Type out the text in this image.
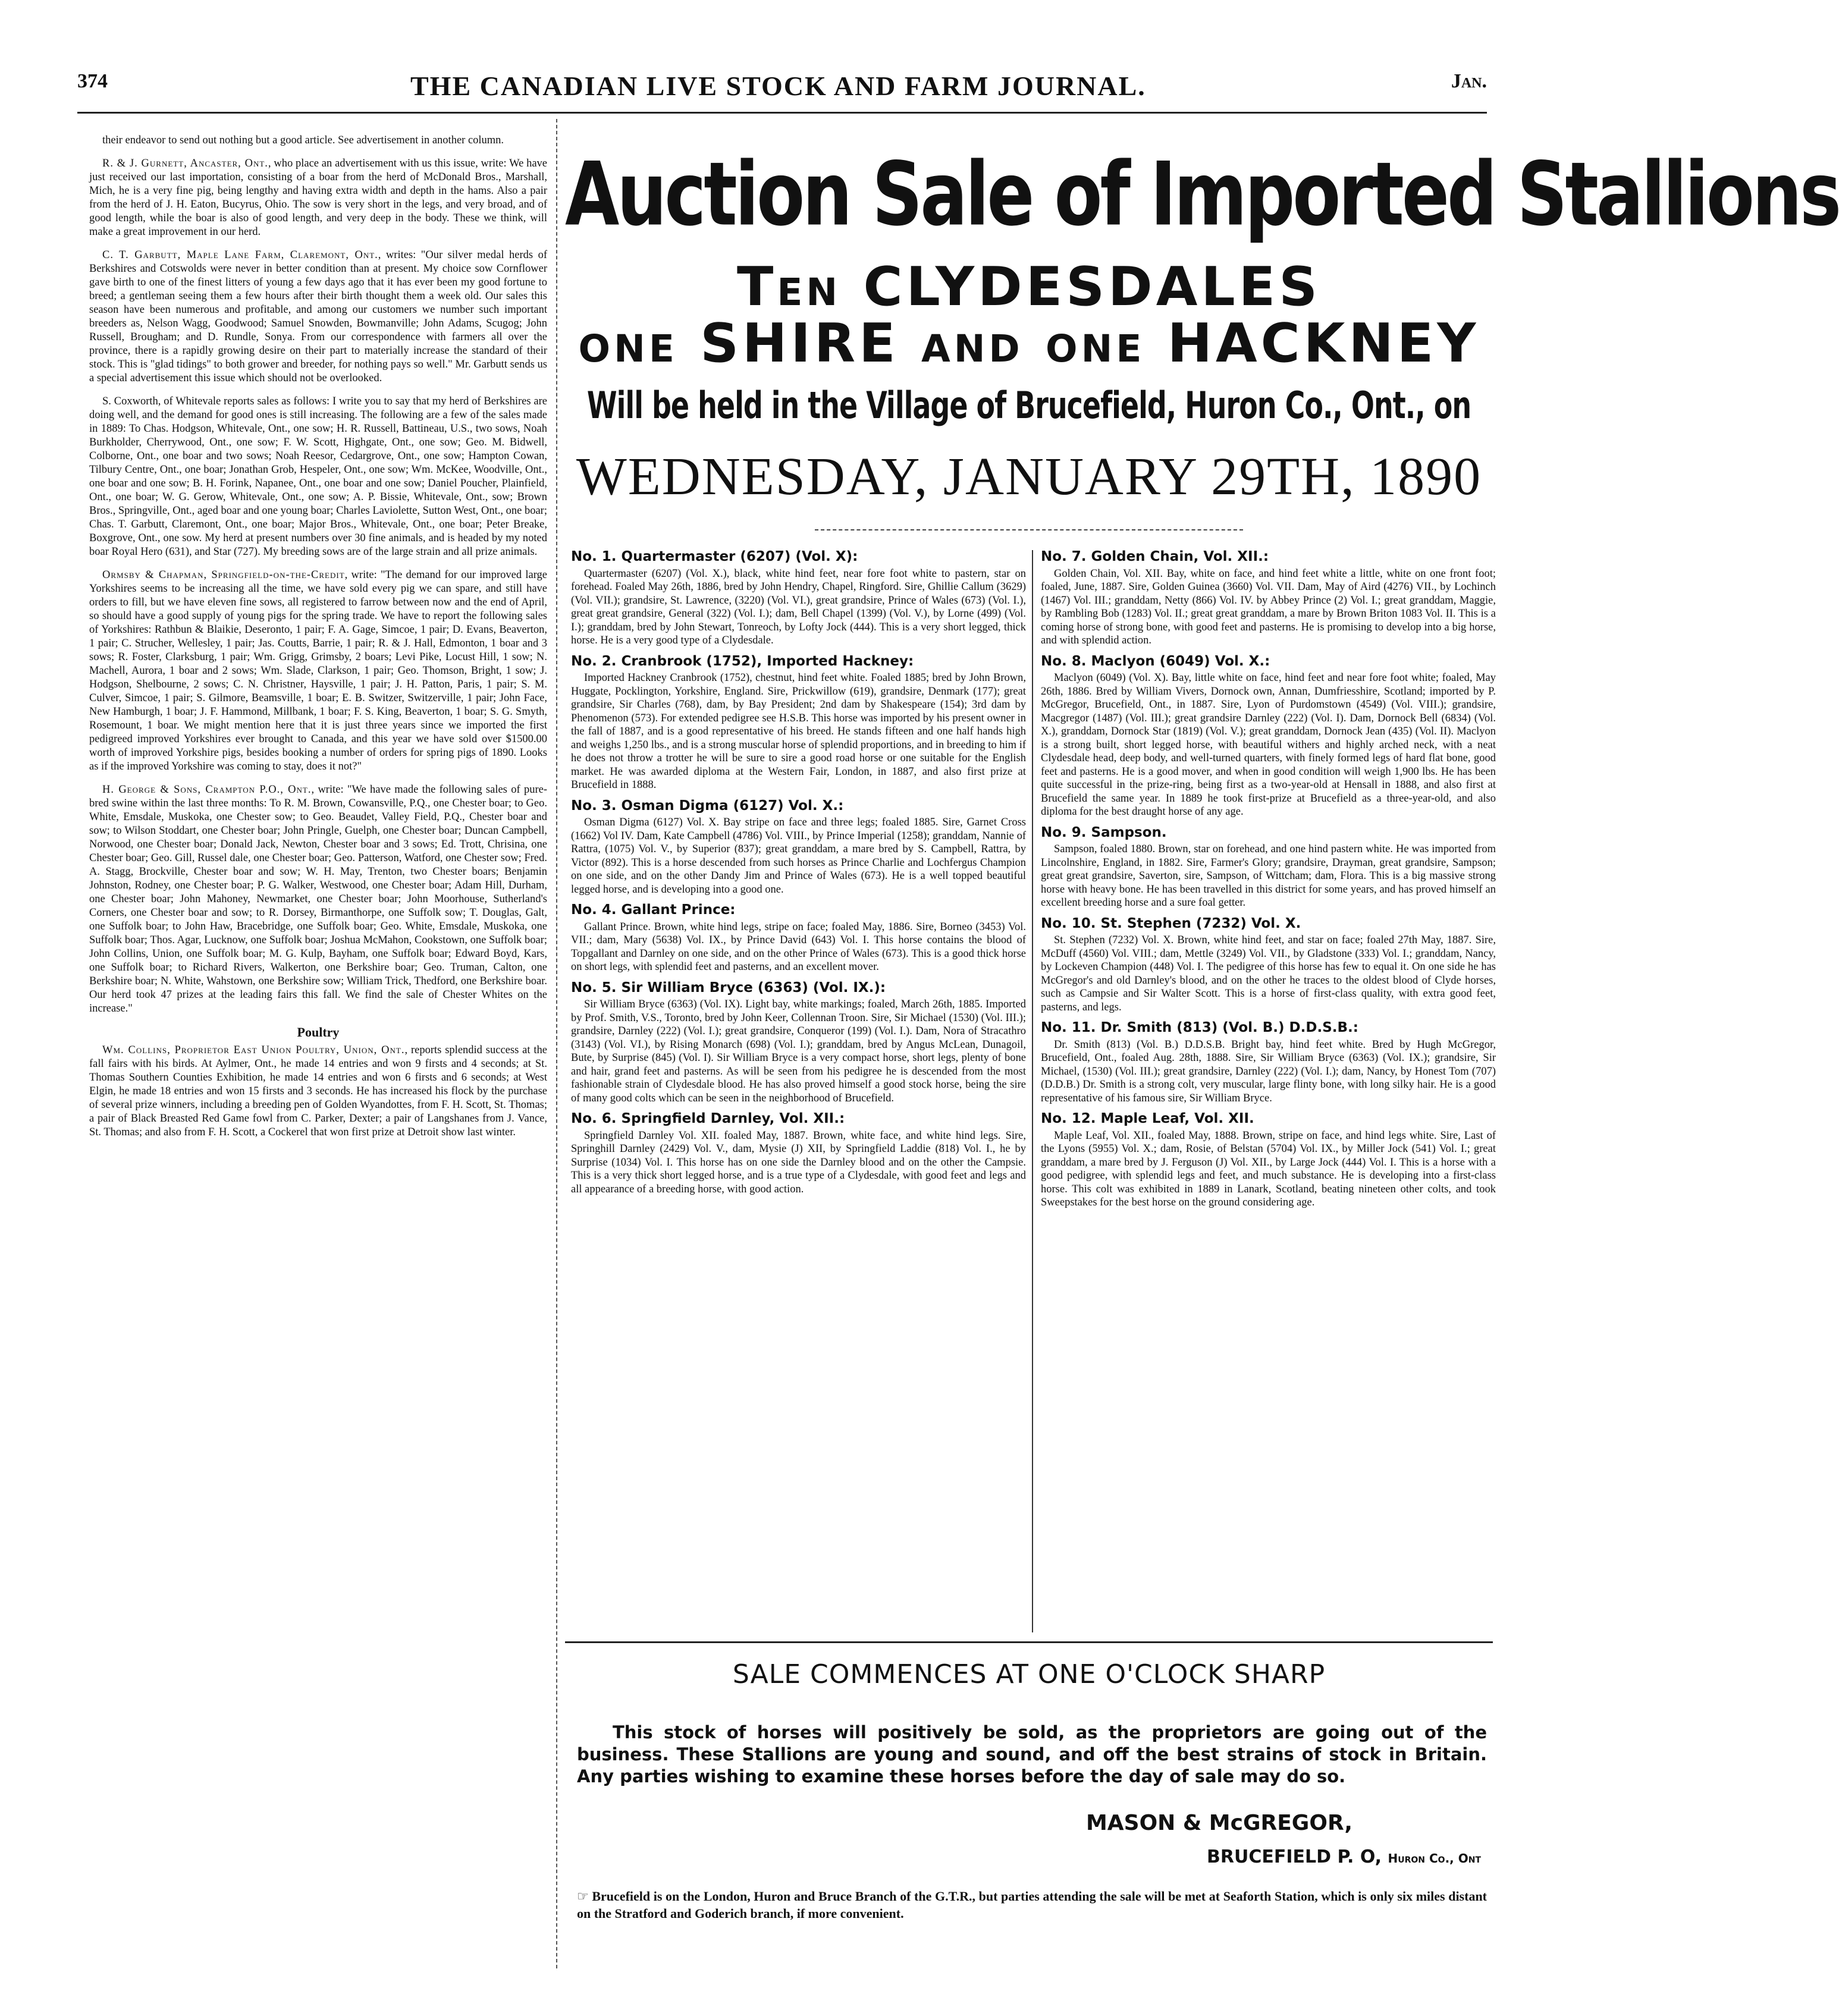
374	THE CANADIAN LIVE STOCK AND FARM JOURNAL.	Jan.

their endeavor to send out nothing but a good article. See advertisement in another column.

R. & J. Gurnett, Ancaster, Ont., who place an advertisement with us this issue, write: We have just received our last importation, consisting of a boar from the herd of McDonald Bros., Marshall, Mich, he is a very fine pig, being lengthy and having extra width and depth in the hams. Also a pair from the herd of J. H. Eaton, Bucyrus, Ohio. The sow is very short in the legs, and very broad, and of good length, while the boar is also of good length, and very deep in the body. These we think, will make a great improvement in our herd.

C. T. Garbutt, Maple Lane Farm, Claremont, Ont., writes: "Our silver medal herds of Berkshires and Cotswolds were never in better condition than at present. My choice sow Cornflower gave birth to one of the finest litters of young a few days ago that it has ever been my good fortune to breed; a gentleman seeing them a few hours after their birth thought them a week old. Our sales this season have been numerous and profitable, and among our customers we number such important breeders as, Nelson Wagg, Goodwood; Samuel Snowden, Bowmanville; John Adams, Scugog; John Russell, Brougham; and D. Rundle, Sonya. From our correspondence with farmers all over the province, there is a rapidly growing desire on their part to materially increase the standard of their stock. This is "glad tidings" to both grower and breeder, for nothing pays so well." Mr. Garbutt sends us a special advertisement this issue which should not be overlooked.

S. Coxworth, of Whitevale reports sales as follows: I write you to say that my herd of Berkshires are doing well, and the demand for good ones is still increasing. The following are a few of the sales made in 1889: To Chas. Hodgson, Whitevale, Ont., one sow; H. R. Russell, Battineau, U.S., two sows, Noah Burkholder, Cherrywood, Ont., one sow; F. W. Scott, Highgate, Ont., one sow; Geo. M. Bidwell, Colborne, Ont., one boar and two sows; Noah Reesor, Cedargrove, Ont., one sow; Hampton Cowan, Tilbury Centre, Ont., one boar; Jonathan Grob, Hespeler, Ont., one sow; Wm. McKee, Woodville, Ont., one boar and one sow; B. H. Forink, Napanee, Ont., one boar and one sow; Daniel Poucher, Plainfield, Ont., one boar; W. G. Gerow, Whitevale, Ont., one sow; A. P. Bissie, Whitevale, Ont., sow; Brown Bros., Springville, Ont., aged boar and one young boar; Charles Laviolette, Sutton West, Ont., one boar; Chas. T. Garbutt, Claremont, Ont., one boar; Major Bros., Whitevale, Ont., one boar; Peter Breake, Boxgrove, Ont., one sow. My herd at present numbers over 30 fine animals, and is headed by my noted boar Royal Hero (631), and Star (727). My breeding sows are of the large strain and all prize animals.

Ormsby & Chapman, Springfield-on-the-Credit, write: "The demand for our improved large Yorkshires seems to be increasing all the time, we have sold every pig we can spare, and still have orders to fill, but we have eleven fine sows, all registered to farrow between now and the end of April, so should have a good supply of young pigs for the spring trade. We have to report the following sales of Yorkshires: Rathbun & Blaikie, Deseronto, 1 pair; F. A. Gage, Simcoe, 1 pair; D. Evans, Beaverton, 1 pair; C. Strucher, Wellesley, 1 pair; Jas. Coutts, Barrie, 1 pair; R. & J. Hall, Edmonton, 1 boar and 3 sows; R. Foster, Clarksburg, 1 pair; Wm. Grigg, Grimsby, 2 boars; Levi Pike, Locust Hill, 1 sow; N. Machell, Aurora, 1 boar and 2 sows; Wm. Slade, Clarkson, 1 pair; Geo. Thomson, Bright, 1 sow; J. Hodgson, Shelbourne, 2 sows; C. N. Christner, Haysville, 1 pair; J. H. Patton, Paris, 1 pair; S. M. Culver, Simcoe, 1 pair; S. Gilmore, Beamsville, 1 boar; E. B. Switzer, Switzerville, 1 pair; John Face, New Hamburgh, 1 boar; J. F. Hammond, Millbank, 1 boar; F. S. King, Beaverton, 1 boar; S. G. Smyth, Rosemount, 1 boar. We might mention here that it is just three years since we imported the first pedigreed improved Yorkshires ever brought to Canada, and this year we have sold over $1500.00 worth of improved Yorkshire pigs, besides booking a number of orders for spring pigs of 1890. Looks as if the improved Yorkshire was coming to stay, does it not?"

H. George & Sons, Crampton P.O., Ont., write: "We have made the following sales of pure-bred swine within the last three months: To R. M. Brown, Cowansville, P.Q., one Chester boar; to Geo. White, Emsdale, Muskoka, one Chester sow; to Geo. Beaudet, Valley Field, P.Q., Chester boar and sow; to Wilson Stoddart, one Chester boar; John Pringle, Guelph, one Chester boar; Duncan Campbell, Norwood, one Chester boar; Donald Jack, Newton, Chester boar and 3 sows; Ed. Trott, Chrisina, one Chester boar; Geo. Gill, Russel dale, one Chester boar; Geo. Patterson, Watford, one Chester sow; Fred. A. Stagg, Brockville, Chester boar and sow; W. H. May, Trenton, two Chester boars; Benjamin Johnston, Rodney, one Chester boar; P. G. Walker, Westwood, one Chester boar; Adam Hill, Durham, one Chester boar; John Mahoney, Newmarket, one Chester boar; John Moorhouse, Sutherland's Corners, one Chester boar and sow; to R. Dorsey, Birmanthorpe, one Suffolk sow; T. Douglas, Galt, one Suffolk boar; to John Haw, Bracebridge, one Suffolk boar; Geo. White, Emsdale, Muskoka, one Suffolk boar; Thos. Agar, Lucknow, one Suffolk boar; Joshua McMahon, Cookstown, one Suffolk boar; John Collins, Union, one Suffolk boar; M. G. Kulp, Bayham, one Suffolk boar; Edward Boyd, Kars, one Suffolk boar; to Richard Rivers, Walkerton, one Berkshire boar; Geo. Truman, Calton, one Berkshire boar; N. White, Wahstown, one Berkshire sow; William Trick, Thedford, one Berkshire boar. Our herd took 47 prizes at the leading fairs this fall. We find the sale of Chester Whites on the increase."

Poultry

Wm. Collins, Proprietor East Union Poultry, Union, Ont., reports splendid success at the fall fairs with his birds. At Aylmer, Ont., he made 14 entries and won 9 firsts and 4 seconds; at St. Thomas Southern Counties Exhibition, he made 14 entries and won 6 firsts and 6 seconds; at West Elgin, he made 18 entries and won 15 firsts and 3 seconds. He has increased his flock by the purchase of several prize winners, including a breeding pen of Golden Wyandottes, from F. H. Scott, St. Thomas; a pair of Black Breasted Red Game fowl from C. Parker, Dexter; a pair of Langshanes from J. Vance, St. Thomas; and also from F. H. Scott, a Cockerel that won first prize at Detroit show last winter.

Auction Sale of Imported Stallions
Ten CLYDESDALES
one SHIRE and one HACKNEY
Will be held in the Village of Brucefield, Huron Co., Ont., on
WEDNESDAY, JANUARY 29TH, 1890
No. 1. Quartermaster (6207) (Vol. X):

Quartermaster (6207) (Vol. X.), black, white hind feet, near fore foot white to pastern, star on forehead. Foaled May 26th, 1886, bred by John Hendry, Chapel, Ringford. Sire, Ghillie Callum (3629) (Vol. VII.); grandsire, St. Lawrence, (3220) (Vol. VI.), great grandsire, Prince of Wales (673) (Vol. I.), great great grandsire, General (322) (Vol. I.); dam, Bell Chapel (1399) (Vol. V.), by Lorne (499) (Vol. I.); granddam, bred by John Stewart, Tonreoch, by Lofty Jock (444). This is a very short legged, thick horse. He is a very good type of a Clydesdale.

No. 2. Cranbrook (1752), Imported Hackney:

Imported Hackney Cranbrook (1752), chestnut, hind feet white. Foaled 1885; bred by John Brown, Huggate, Pocklington, Yorkshire, England. Sire, Prickwillow (619), grandsire, Denmark (177); great grandsire, Sir Charles (768), dam, by Bay President; 2nd dam by Shakespeare (154); 3rd dam by Phenomenon (573). For extended pedigree see H.S.B. This horse was imported by his present owner in the fall of 1887, and is a good representative of his breed. He stands fifteen and one half hands high and weighs 1,250 lbs., and is a strong muscular horse of splendid proportions, and in breeding to him if he does not throw a trotter he will be sure to sire a good road horse or one suitable for the English market. He was awarded diploma at the Western Fair, London, in 1887, and also first prize at Brucefield in 1888.

No. 3. Osman Digma (6127) Vol. X.:

Osman Digma (6127) Vol. X. Bay stripe on face and three legs; foaled 1885. Sire, Garnet Cross (1662) Vol IV. Dam, Kate Campbell (4786) Vol. VIII., by Prince Imperial (1258); granddam, Nannie of Rattra, (1075) Vol. V., by Superior (837); great granddam, a mare bred by S. Campbell, Rattra, by Victor (892). This is a horse descended from such horses as Prince Charlie and Lochfergus Champion on one side, and on the other Dandy Jim and Prince of Wales (673). He is a well topped beautiful legged horse, and is developing into a good one.

No. 4. Gallant Prince:

Gallant Prince. Brown, white hind legs, stripe on face; foaled May, 1886. Sire, Borneo (3453) Vol. VII.; dam, Mary (5638) Vol. IX., by Prince David (643) Vol. I. This horse contains the blood of Topgallant and Darnley on one side, and on the other Prince of Wales (673). This is a good thick horse on short legs, with splendid feet and pasterns, and an excellent mover.

No. 5. Sir William Bryce (6363) (Vol. IX.):

Sir William Bryce (6363) (Vol. IX). Light bay, white markings; foaled, March 26th, 1885. Imported by Prof. Smith, V.S., Toronto, bred by John Keer, Collennan Troon. Sire, Sir Michael (1530) (Vol. III.); grandsire, Darnley (222) (Vol. I.); great grandsire, Conqueror (199) (Vol. I.). Dam, Nora of Stracathro (3143) (Vol. VI.), by Rising Monarch (698) (Vol. I.); granddam, bred by Angus McLean, Dunagoil, Bute, by Surprise (845) (Vol. I). Sir William Bryce is a very compact horse, short legs, plenty of bone and hair, grand feet and pasterns. As will be seen from his pedigree he is descended from the most fashionable strain of Clydesdale blood. He has also proved himself a good stock horse, being the sire of many good colts which can be seen in the neighborhood of Brucefield.

No. 6. Springfield Darnley, Vol. XII.:

Springfield Darnley Vol. XII. foaled May, 1887. Brown, white face, and white hind legs. Sire, Springhill Darnley (2429) Vol. V., dam, Mysie (J) XII, by Springfield Laddie (818) Vol. I., he by Surprise (1034) Vol. I. This horse has on one side the Darnley blood and on the other the Campsie. This is a very thick short legged horse, and is a true type of a Clydesdale, with good feet and legs and all appearance of a breeding horse, with good action.

No. 7. Golden Chain, Vol. XII.:

Golden Chain, Vol. XII. Bay, white on face, and hind feet white a little, white on one front foot; foaled, June, 1887. Sire, Golden Guinea (3660) Vol. VII. Dam, May of Aird (4276) VII., by Lochinch (1467) Vol. III.; granddam, Netty (866) Vol. IV. by Abbey Prince (2) Vol. I.; great granddam, Maggie, by Rambling Bob (1283) Vol. II.; great great granddam, a mare by Brown Briton 1083 Vol. II. This is a coming horse of strong bone, with good feet and pasterns. He is promising to develop into a big horse, and with splendid action.

No. 8. Maclyon (6049) Vol. X.:

Maclyon (6049) (Vol. X). Bay, little white on face, hind feet and near fore foot white; foaled, May 26th, 1886. Bred by William Vivers, Dornock own, Annan, Dumfriesshire, Scotland; imported by P. McGregor, Brucefield, Ont., in 1887. Sire, Lyon of Purdomstown (4549) (Vol. VIII.); grandsire, Macgregor (1487) (Vol. III.); great grandsire Darnley (222) (Vol. I). Dam, Dornock Bell (6834) (Vol. X.), granddam, Dornock Star (1819) (Vol. V.); great granddam, Dornock Jean (435) (Vol. II). Maclyon is a strong built, short legged horse, with beautiful withers and highly arched neck, with a neat Clydesdale head, deep body, and well-turned quarters, with finely formed legs of hard flat bone, good feet and pasterns. He is a good mover, and when in good condition will weigh 1,900 lbs. He has been quite successful in the prize-ring, being first as a two-year-old at Hensall in 1888, and also first at Brucefield the same year. In 1889 he took first-prize at Brucefield as a three-year-old, and also diploma for the best draught horse of any age.

No. 9. Sampson.

Sampson, foaled 1880. Brown, star on forehead, and one hind pastern white. He was imported from Lincolnshire, England, in 1882. Sire, Farmer's Glory; grandsire, Drayman, great grandsire, Sampson; great great grandsire, Saverton, sire, Sampson, of Wittcham; dam, Flora. This is a big massive strong horse with heavy bone. He has been travelled in this district for some years, and has proved himself an excellent breeding horse and a sure foal getter.

No. 10. St. Stephen (7232) Vol. X.

St. Stephen (7232) Vol. X. Brown, white hind feet, and star on face; foaled 27th May, 1887. Sire, McDuff (4560) Vol. VIII.; dam, Mettle (3249) Vol. VII., by Gladstone (333) Vol. I.; granddam, Nancy, by Lockeven Champion (448) Vol. I. The pedigree of this horse has few to equal it. On one side he has McGregor's and old Darnley's blood, and on the other he traces to the oldest blood of Clyde horses, such as Campsie and Sir Walter Scott. This is a horse of first-class quality, with extra good feet, pasterns, and legs.

No. 11. Dr. Smith (813) (Vol. B.) D.D.S.B.:

Dr. Smith (813) (Vol. B.) D.D.S.B. Bright bay, hind feet white. Bred by Hugh McGregor, Brucefield, Ont., foaled Aug. 28th, 1888. Sire, Sir William Bryce (6363) (Vol. IX.); grandsire, Sir Michael, (1530) (Vol. III.); great grandsire, Darnley (222) (Vol. I.); dam, Nancy, by Honest Tom (707) (D.D.B.) Dr. Smith is a strong colt, very muscular, large flinty bone, with long silky hair. He is a good representative of his famous sire, Sir William Bryce.

No. 12. Maple Leaf, Vol. XII.

Maple Leaf, Vol. XII., foaled May, 1888. Brown, stripe on face, and hind legs white. Sire, Last of the Lyons (5955) Vol. X.; dam, Rosie, of Belstan (5704) Vol. IX., by Miller Jock (541) Vol. I.; great granddam, a mare bred by J. Ferguson (J) Vol. XII., by Large Jock (444) Vol. I. This is a horse with a good pedigree, with splendid legs and feet, and much substance. He is developing into a first-class horse. This colt was exhibited in 1889 in Lanark, Scotland, beating nineteen other colts, and took Sweepstakes for the best horse on the ground considering age.

SALE COMMENCES AT ONE O'CLOCK SHARP
This stock of horses will positively be sold, as the proprietors are going out of the business. These Stallions are young and sound, and off the best strains of stock in Britain. Any parties wishing to examine these horses before the day of sale may do so.
MASON & McGREGOR,
BRUCEFIELD P. O, Huron Co., Ont
☞ Brucefield is on the London, Huron and Bruce Branch of the G.T.R., but parties attending the sale will be met at Seaforth Station, which is only six miles distant on the Stratford and Goderich branch, if more convenient.
